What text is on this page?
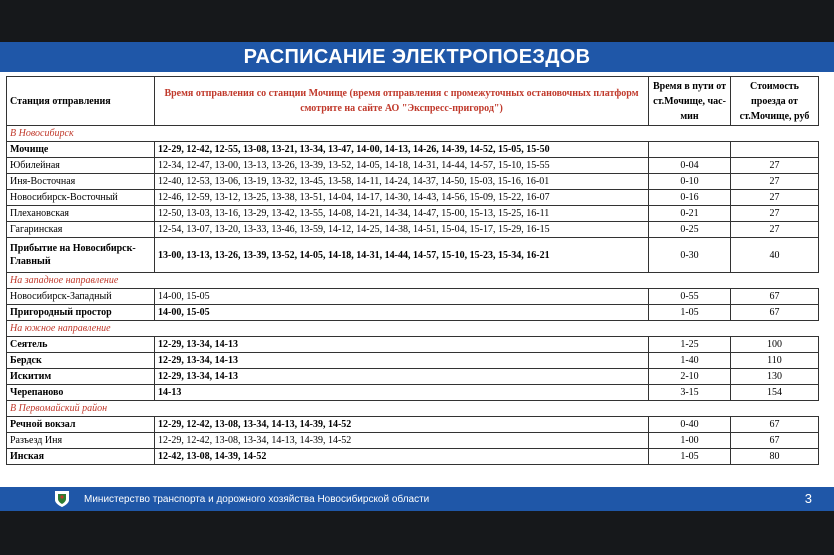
РАСПИСАНИЕ ЭЛЕКТРОПОЕЗДОВ
Станция отправления	Время отправления со станции Мочище (время отправления с промежуточных остановочных платформ смотрите на сайте АО "Экспресс-пригород")	Время в пути от ст.Мочище, час-мин	Стоимость проезда от ст.Мочище, руб
В Новосибирск			
Мочище	12-29, 12-42, 12-55, 13-08, 13-21, 13-34, 13-47, 14-00, 14-13, 14-26, 14-39, 14-52, 15-05, 15-50		
Юбилейная	12-34, 12-47, 13-00, 13-13, 13-26, 13-39, 13-52, 14-05, 14-18, 14-31, 14-44, 14-57, 15-10, 15-55	0-04	27
Иня-Восточная	12-40, 12-53, 13-06, 13-19, 13-32, 13-45, 13-58, 14-11, 14-24, 14-37, 14-50, 15-03, 15-16, 16-01	0-10	27
Новосибирск-Восточный	12-46, 12-59, 13-12, 13-25, 13-38, 13-51, 14-04, 14-17, 14-30, 14-43, 14-56, 15-09, 15-22, 16-07	0-16	27
Плехановская	12-50, 13-03, 13-16, 13-29, 13-42, 13-55, 14-08, 14-21, 14-34, 14-47, 15-00, 15-13, 15-25, 16-11	0-21	27
Гагаринская	12-54, 13-07, 13-20, 13-33, 13-46, 13-59, 14-12, 14-25, 14-38, 14-51, 15-04, 15-17, 15-29, 16-15	0-25	27
Прибытие на Новосибирск-Главный	13-00, 13-13, 13-26, 13-39, 13-52, 14-05, 14-18, 14-31, 14-44, 14-57, 15-10, 15-23, 15-34, 16-21	0-30	40
На западное направление			
Новосибирск-Западный	14-00, 15-05	0-55	67
Пригородный простор	14-00, 15-05	1-05	67
На южное направление			
Сеятель	12-29, 13-34, 14-13	1-25	100
Бердск	12-29, 13-34, 14-13	1-40	110
Искитим	12-29, 13-34, 14-13	2-10	130
Черепаново	14-13	3-15	154
В Первомайский район			
Речной вокзал	12-29, 12-42, 13-08, 13-34, 14-13, 14-39, 14-52	0-40	67
Разъезд Иня	12-29, 12-42, 13-08, 13-34, 14-13, 14-39, 14-52	1-00	67
Инская	12-42, 13-08, 14-39, 14-52	1-05	80
Министерство транспорта и дорожного хозяйства Новосибирской области	3
